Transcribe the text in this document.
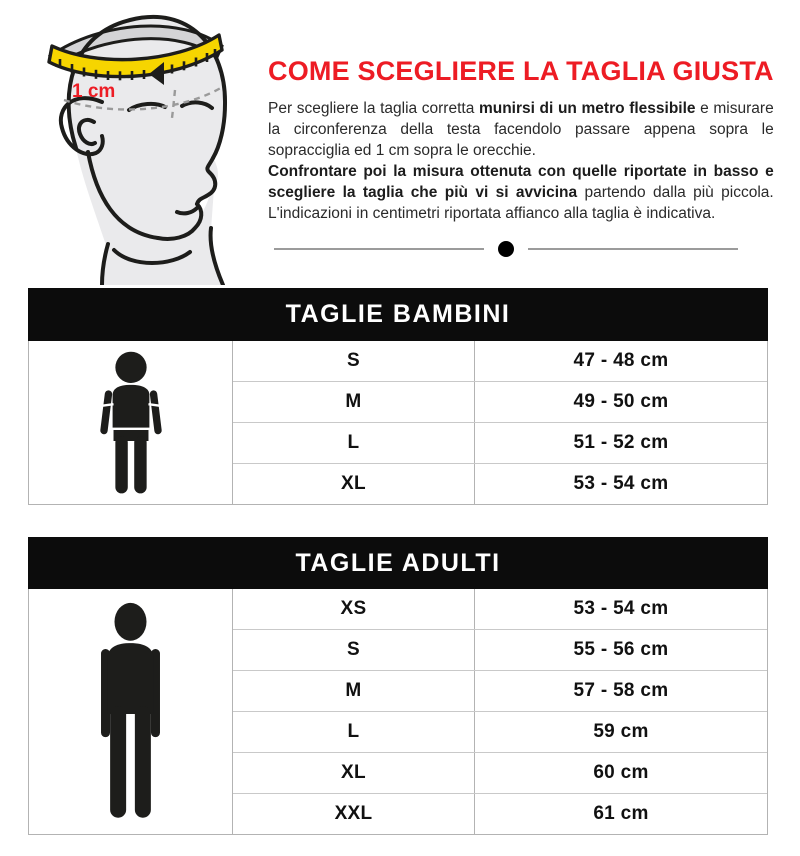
1 cm
COME SCEGLIERE LA TAGLIA GIUSTA

Per scegliere la taglia corretta munirsi di un metro flessibile e misurare la circonferenza della testa facendolo passare appena sopra le sopracciglia ed 1 cm sopra le orecchie.
Confrontare poi la misura ottenuta con quelle riportate in basso e scegliere la taglia che più vi si avvicina partendo dalla più piccola. L'indicazioni in centimetri riportata affianco alla taglia è indicativa.

TAGLIE BAMBINI
S	47 - 48 cm
M	49 - 50 cm
L	51 - 52 cm
XL	53 - 54 cm
TAGLIE ADULTI
XS	53 - 54 cm
S	55 - 56 cm
M	57 - 58 cm
L	59 cm
XL	60 cm
XXL	61 cm
